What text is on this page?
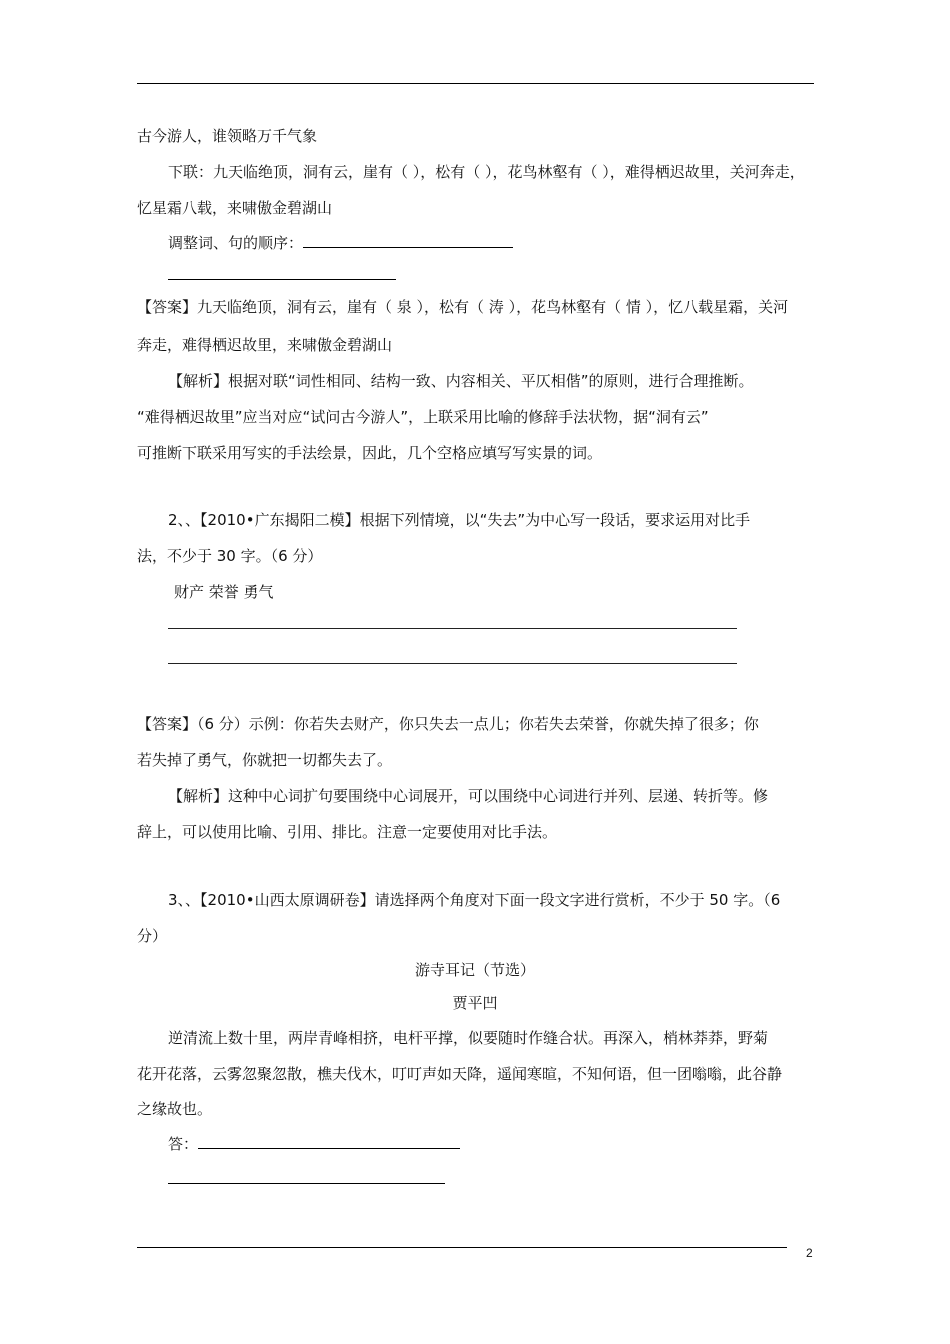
古今游人，谁领略万千气象
下联：九天临绝顶，洞有云，崖有（ ），松有（ ），花鸟林壑有（ ），难得栖迟故里，关河奔走，
忆星霜八载，来啸傲金碧湖山
调整词、句的顺序：
【答案】九天临绝顶，洞有云，崖有（ 泉 ），松有（ 涛 ），花鸟林壑有（ 情 ），忆八载星霜，关河
奔走，难得栖迟故里，来啸傲金碧湖山
【解析】根据对联“词性相同、结构一致、内容相关、平仄相偕”的原则，进行合理推断。
“难得栖迟故里”应当对应“试问古今游人”，上联采用比喻的修辞手法状物，据“洞有云”
可推断下联采用写实的手法绘景，因此，几个空格应填写写实景的词。
2、、【2010•广东揭阳二模】根据下列情境，以“失去”为中心写一段话，要求运用对比手
法，不少于 30 字。（6 分）
财产 荣誉 勇气
【答案】（6 分）示例：你若失去财产，你只失去一点儿；你若失去荣誉，你就失掉了很多；你
若失掉了勇气，你就把一切都失去了。
【解析】这种中心词扩句要围绕中心词展开，可以围绕中心词进行并列、层递、转折等。修
辞上，可以使用比喻、引用、排比。注意一定要使用对比手法。
3、、【2010•山西太原调研卷】请选择两个角度对下面一段文字进行赏析，不少于 50 字。（6
分）
游寺耳记（节选）
贾平凹
逆清流上数十里，两岸青峰相挤，电杆平撑，似要随时作缝合状。再深入，梢林莽莽，野菊
花开花落，云雾忽聚忽散，樵夫伐木，叮叮声如天降，遥闻寒暄，不知何语，但一团嗡嗡，此谷静
之缘故也。
答：
2
